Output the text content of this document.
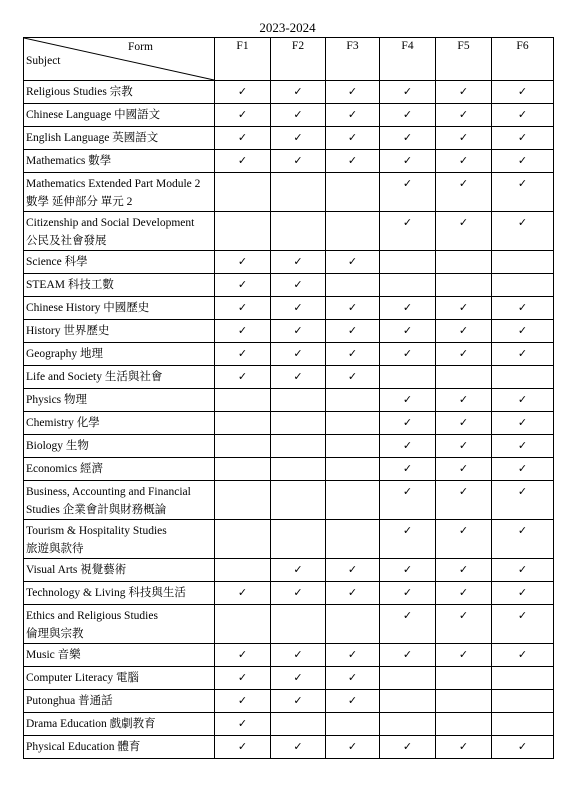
2023-2024
Form
Subject	F1	F2	F3	F4	F5	F6

Religious Studies 宗教	✓	✓	✓	✓	✓	✓

Chinese Language 中國語文	✓	✓	✓	✓	✓	✓

English Language 英國語文	✓	✓	✓	✓	✓	✓

Mathematics 數學	✓	✓	✓	✓	✓	✓

Mathematics Extended Part Module 2
數學 延伸部分 單元 2				✓	✓	✓

Citizenship and Social Development
公民及社會發展				✓	✓	✓

Science 科學	✓	✓	✓			

STEAM 科技工數	✓	✓				

Chinese History 中國歷史	✓	✓	✓	✓	✓	✓

History 世界歷史	✓	✓	✓	✓	✓	✓

Geography 地理	✓	✓	✓	✓	✓	✓

Life and Society 生活與社會	✓	✓	✓			

Physics 物理				✓	✓	✓

Chemistry 化學				✓	✓	✓

Biology 生物				✓	✓	✓

Economics 經濟				✓	✓	✓

Business, Accounting and Financial
Studies 企業會計與財務概論				✓	✓	✓

Tourism & Hospitality Studies
旅遊與款待				✓	✓	✓

Visual Arts 視覺藝術		✓	✓	✓	✓	✓

Technology & Living 科技與生活	✓	✓	✓	✓	✓	✓

Ethics and Religious Studies
倫理與宗教				✓	✓	✓

Music 音樂	✓	✓	✓	✓	✓	✓

Computer Literacy 電腦	✓	✓	✓			

Putonghua 普通話	✓	✓	✓			

Drama Education 戲劇教育	✓					

Physical Education 體育	✓	✓	✓	✓	✓	✓
